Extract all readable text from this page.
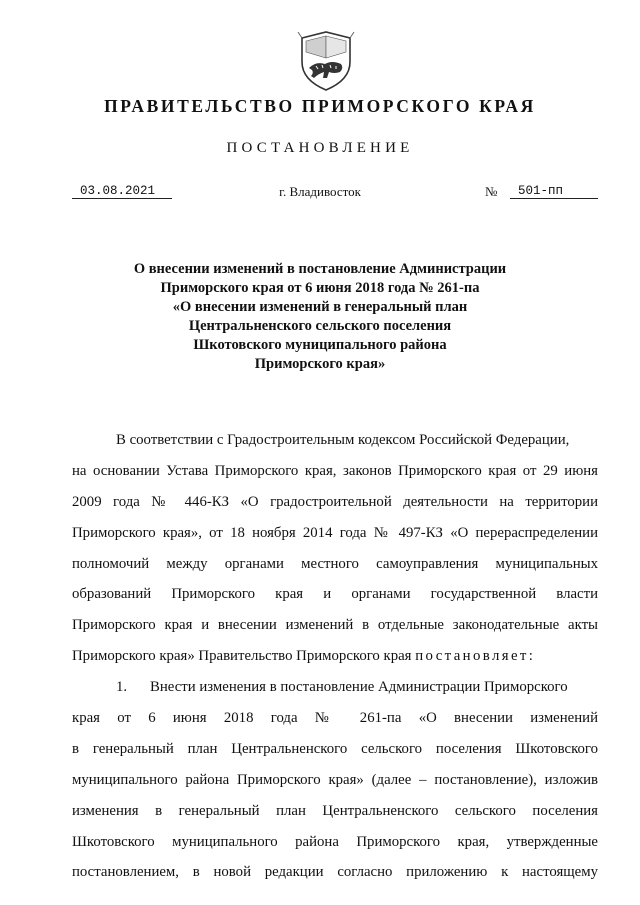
ПРАВИТЕЛЬСТВО ПРИМОРСКОГО КРАЯ
ПОСТАНОВЛЕНИЕ
03.08.2021	г. Владивосток	№	501-пп
О внесении изменений в постановление Администрации
Приморского края от 6 июня 2018 года № 261-па
«О внесении изменений в генеральный план
Центральненского сельского поселения
Шкотовского муниципального района
Приморского края»
В соответствии с Градостроительным кодексом Российской Федерации,
на основании Устава Приморского края, законов Приморского края от 29 июня
2009 года № 446-КЗ «О градостроительной деятельности на территории
Приморского края», от 18 ноября 2014 года № 497-КЗ «О перераспределении
полномочий между органами местного самоуправления муниципальных
образований Приморского края и органами государственной власти
Приморского края и внесении изменений в отдельные законодательные акты
Приморского края» Правительство Приморского края постановляет:
1. Внести изменения в постановление Администрации Приморского
края от 6 июня 2018 года № 261-па «О внесении изменений
в генеральный план Центральненского сельского поселения Шкотовского
муниципального района Приморского края» (далее – постановление), изложив
изменения в генеральный план Центральненского сельского поселения
Шкотовского муниципального района Приморского края, утвержденные
постановлением, в новой редакции согласно приложению к настоящему
